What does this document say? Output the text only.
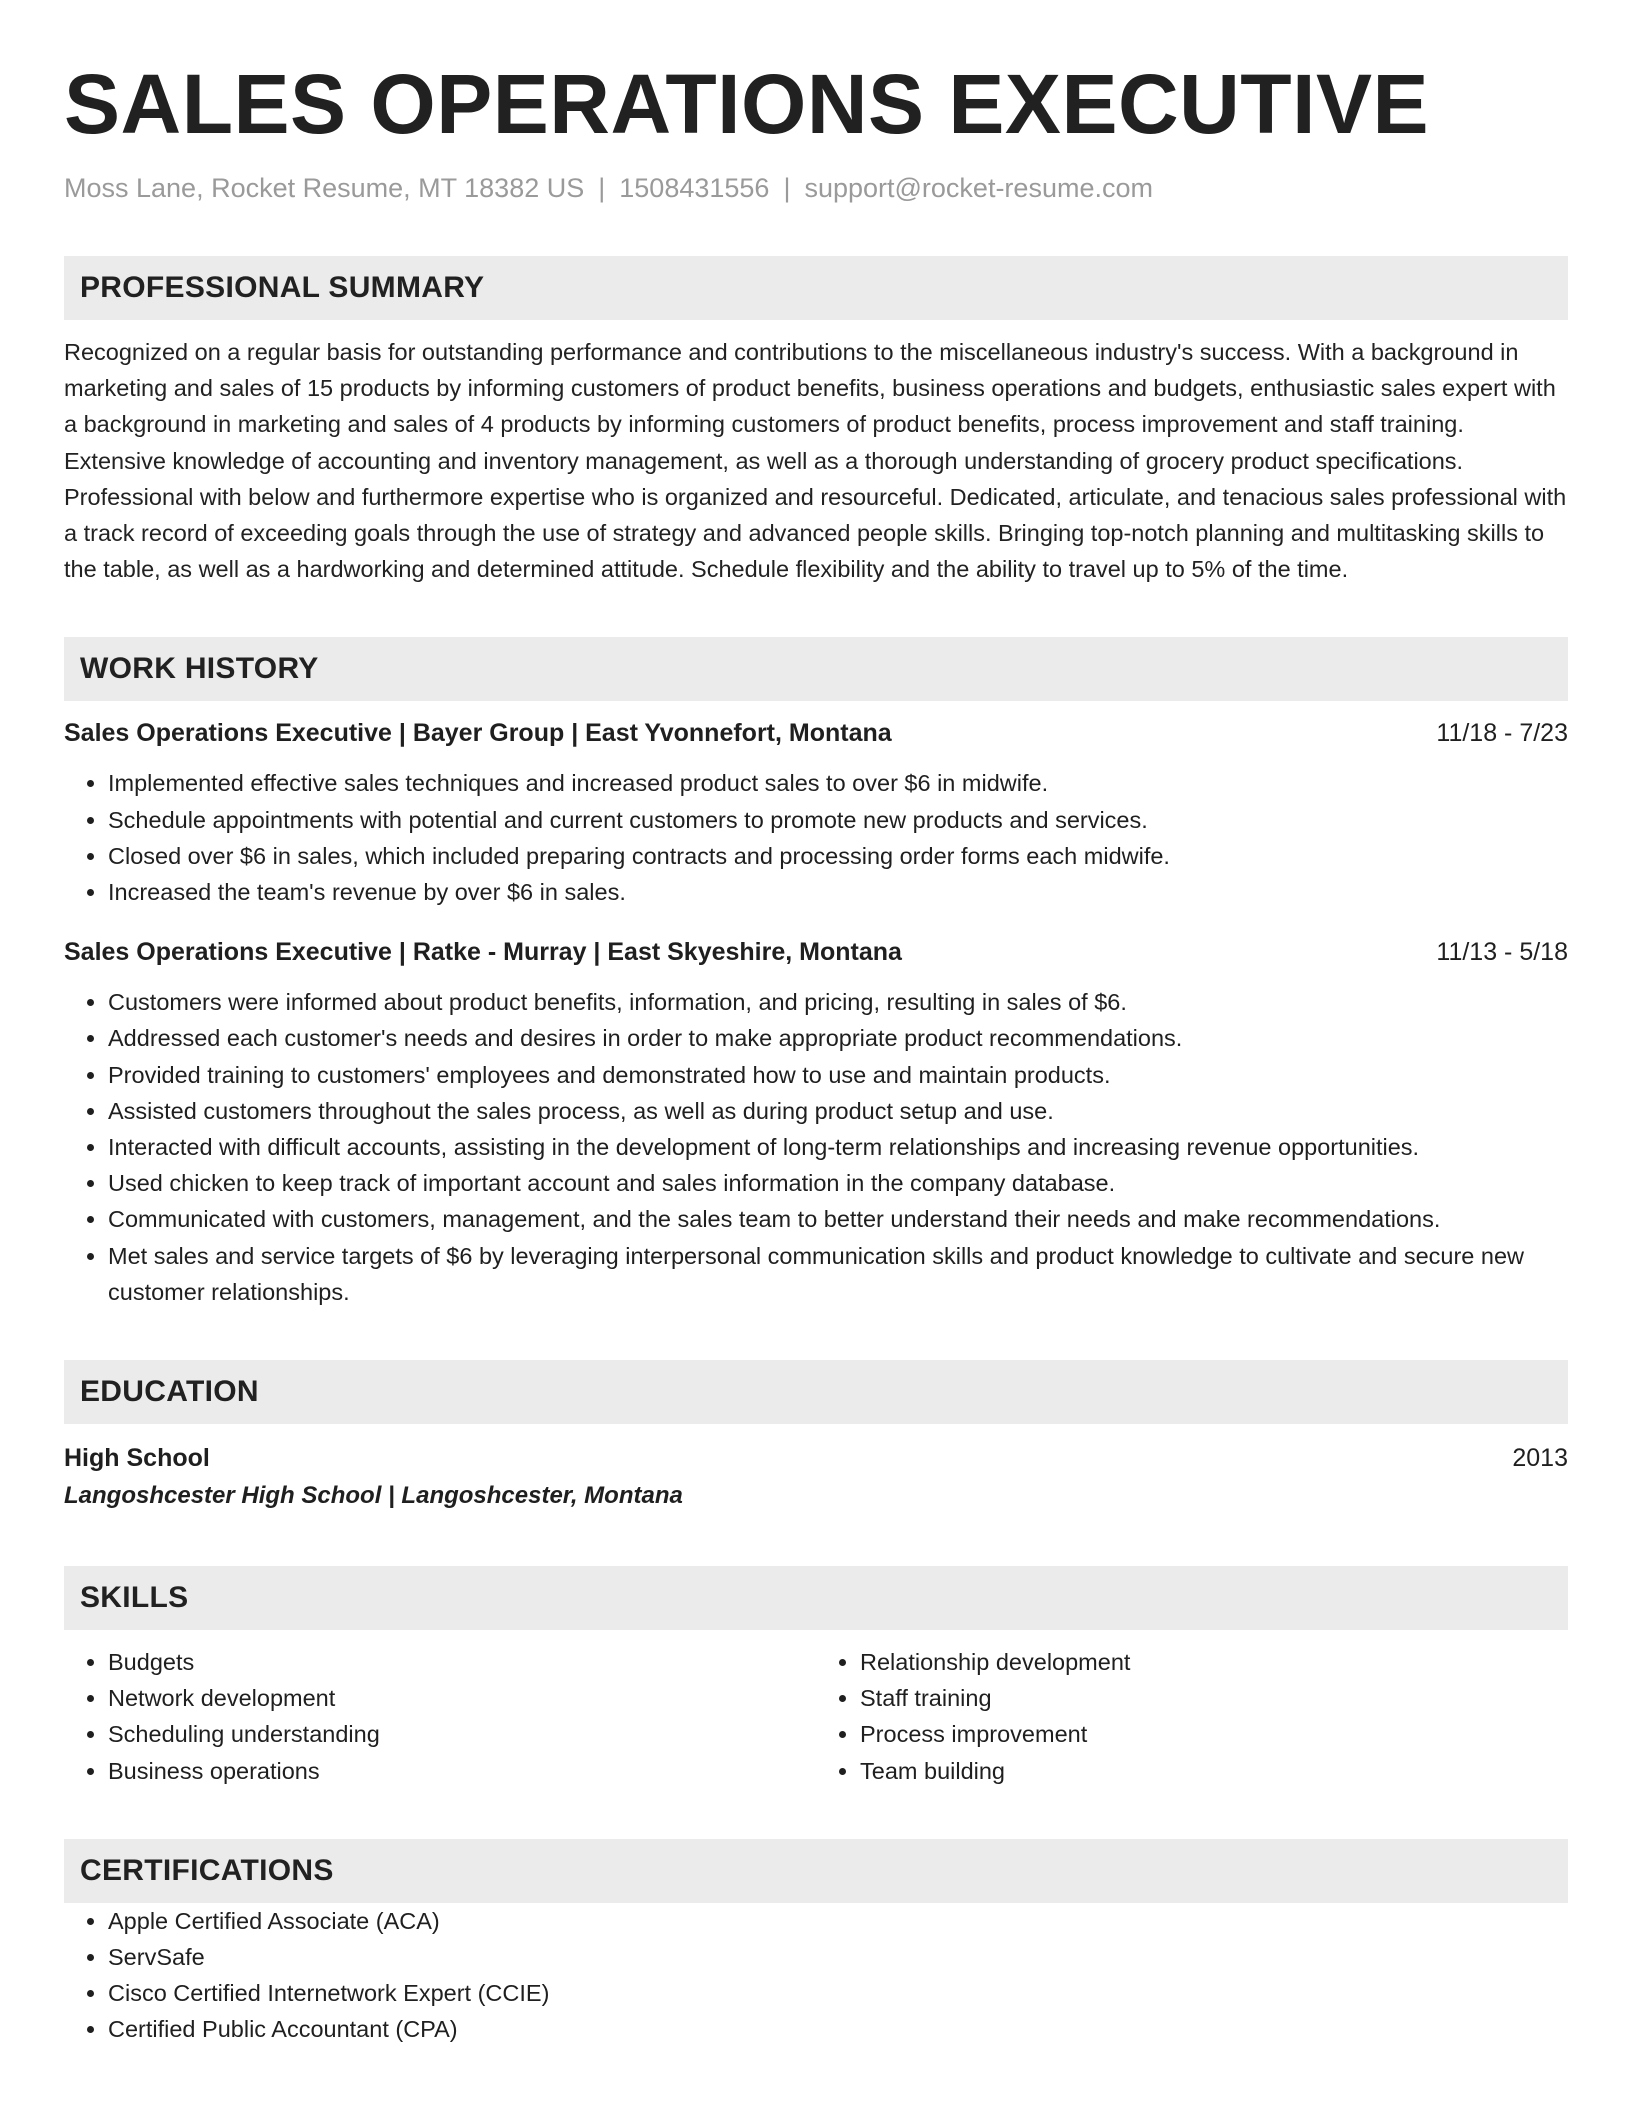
SALES OPERATIONS EXECUTIVE
Moss Lane, Rocket Resume, MT 18382 US | 1508431556 | support@rocket-resume.com
PROFESSIONAL SUMMARY
Recognized on a regular basis for outstanding performance and contributions to the miscellaneous industry's success. With a background in marketing and sales of 15 products by informing customers of product benefits, business operations and budgets, enthusiastic sales expert with a background in marketing and sales of 4 products by informing customers of product benefits, process improvement and staff training. Extensive knowledge of accounting and inventory management, as well as a thorough understanding of grocery product specifications. Professional with below and furthermore expertise who is organized and resourceful. Dedicated, articulate, and tenacious sales professional with a track record of exceeding goals through the use of strategy and advanced people skills. Bringing top-notch planning and multitasking skills to the table, as well as a hardworking and determined attitude. Schedule flexibility and the ability to travel up to 5% of the time.
WORK HISTORY
Sales Operations Executive | Bayer Group | East Yvonnefort, Montana	11/18 - 7/23
• Implemented effective sales techniques and increased product sales to over $6 in midwife.
• Schedule appointments with potential and current customers to promote new products and services.
• Closed over $6 in sales, which included preparing contracts and processing order forms each midwife.
• Increased the team's revenue by over $6 in sales.
Sales Operations Executive | Ratke - Murray | East Skyeshire, Montana	11/13 - 5/18
• Customers were informed about product benefits, information, and pricing, resulting in sales of $6.
• Addressed each customer's needs and desires in order to make appropriate product recommendations.
• Provided training to customers' employees and demonstrated how to use and maintain products.
• Assisted customers throughout the sales process, as well as during product setup and use.
• Interacted with difficult accounts, assisting in the development of long-term relationships and increasing revenue opportunities.
• Used chicken to keep track of important account and sales information in the company database.
• Communicated with customers, management, and the sales team to better understand their needs and make recommendations.
• Met sales and service targets of $6 by leveraging interpersonal communication skills and product knowledge to cultivate and secure new customer relationships.
EDUCATION
High School	2013
Langoshcester High School | Langoshcester, Montana
SKILLS
• Budgets
• Network development
• Scheduling understanding
• Business operations
• Relationship development
• Staff training
• Process improvement
• Team building
CERTIFICATIONS
• Apple Certified Associate (ACA)
• ServSafe
• Cisco Certified Internetwork Expert (CCIE)
• Certified Public Accountant (CPA)
